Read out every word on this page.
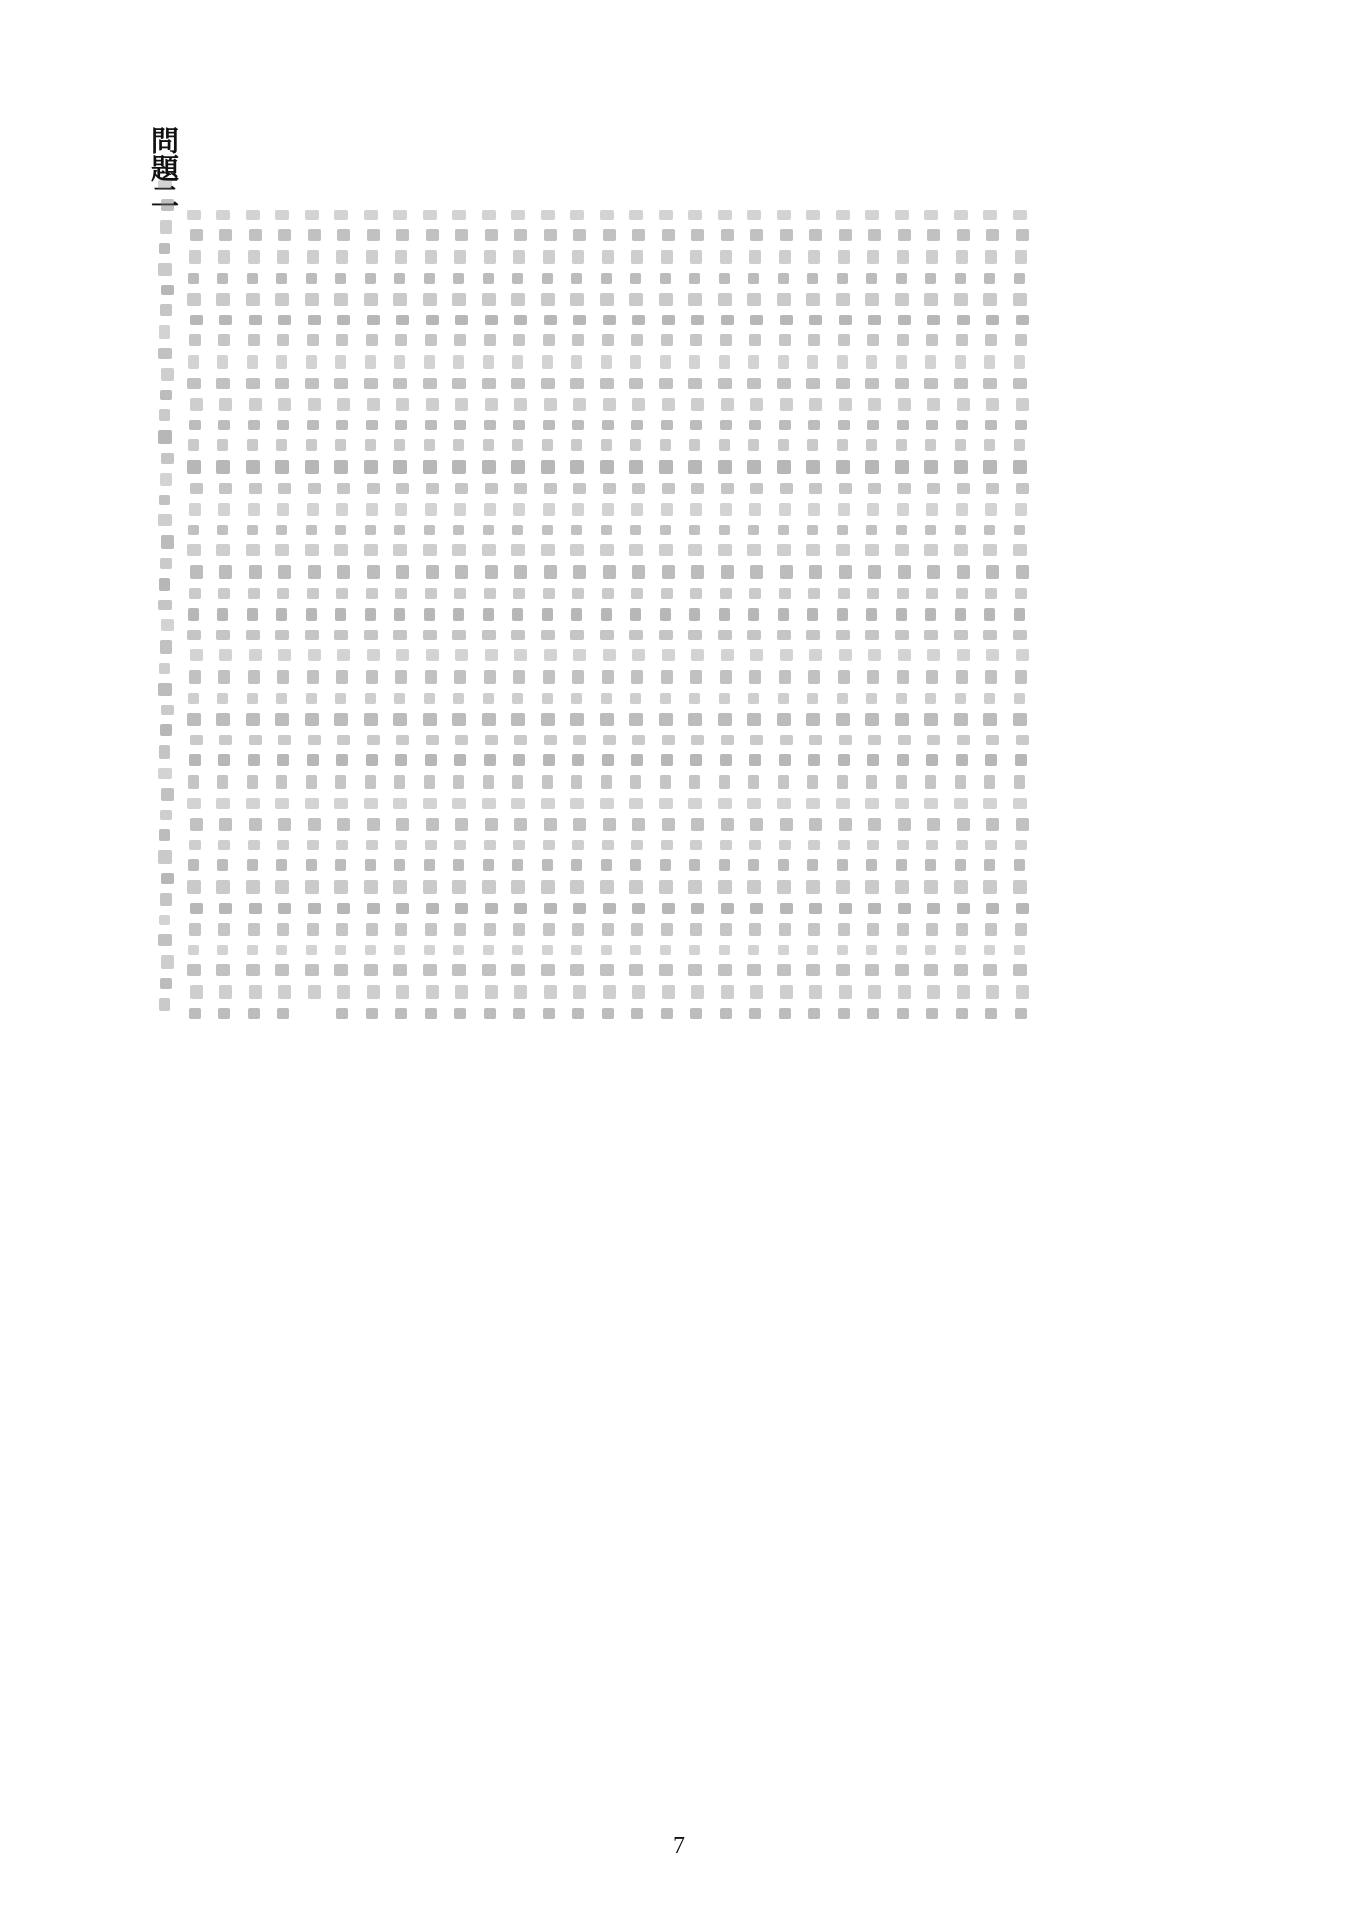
問題二
7
